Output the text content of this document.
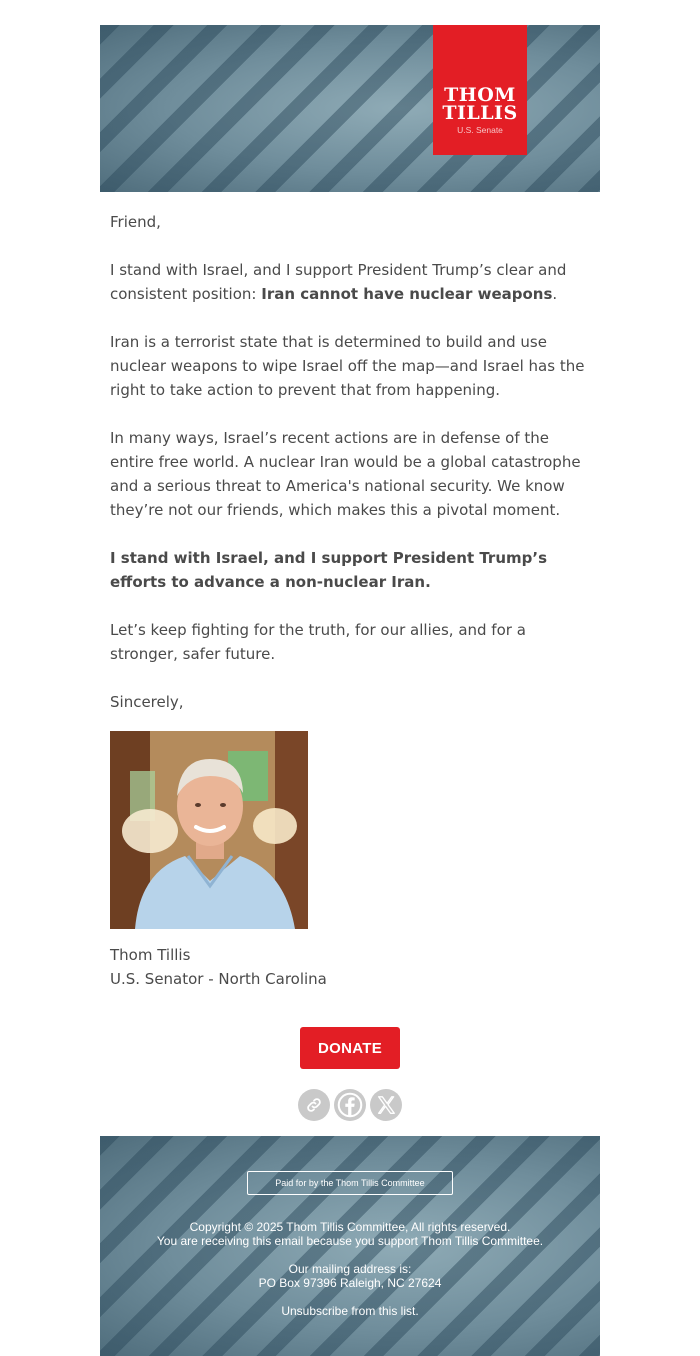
THOM
TILLIS
U.S. Senate

Friend,

I stand with Israel, and I support President Trump’s clear and consistent position: Iran cannot have nuclear weapons.

Iran is a terrorist state that is determined to build and use nuclear weapons to wipe Israel off the map—and Israel has the right to take action to prevent that from happening.

In many ways, Israel’s recent actions are in defense of the entire free world. A nuclear Iran would be a global catastrophe and a serious threat to America's national security. We know they’re not our friends, which makes this a pivotal moment.

I stand with Israel, and I support President Trump’s efforts to advance a non-nuclear Iran.

Let’s keep fighting for the truth, for our allies, and for a stronger, safer future.

Sincerely,

Thom Tillis

U.S. Senator - North Carolina

DONATE
Paid for by the Thom Tillis Committee

Copyright © 2025 Thom Tillis Committee, All rights reserved.

You are receiving this email because you support Thom Tillis Committee.

Our mailing address is:

PO Box 97396 Raleigh, NC 27624

Unsubscribe from this list.
